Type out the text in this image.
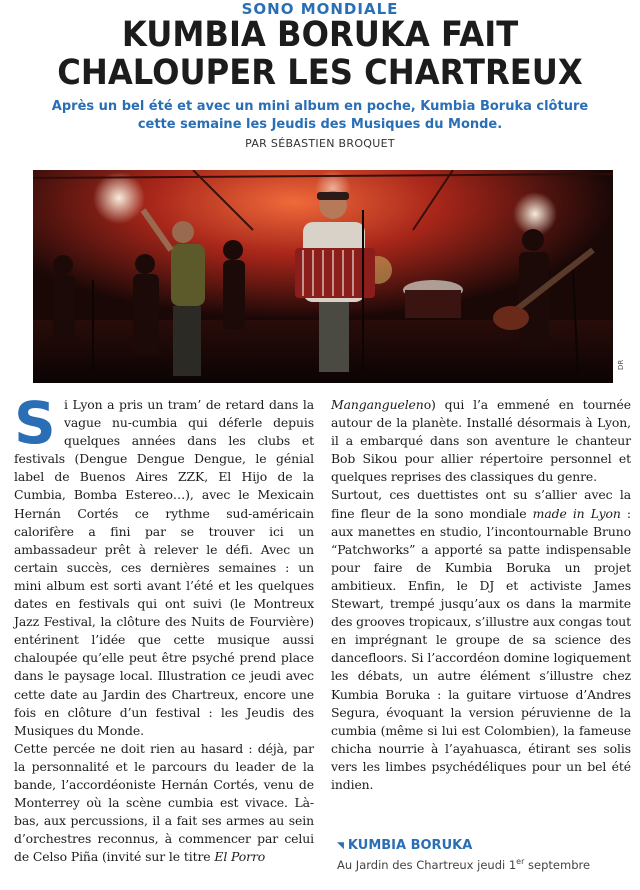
SONO MONDIALE
KUMBIA BORUKA FAIT
CHALOUPER LES CHARTREUX
Après un bel été et avec un mini album en poche, Kumbia Boruka clôture cette semaine les Jeudis des Musiques du Monde.
PAR SÉBASTIEN BROQUET
DR

Si Lyon a pris un tram’ de retard dans la vague nu-cumbia qui déferle depuis quelques années dans les clubs et festivals (Dengue Dengue Dengue, le génial label de Buenos Aires ZZK, El Hijo de la Cumbia, Bomba Estereo…), avec le Mexicain Hernán Cortés ce rythme sud-américain calorifère a fini par se trouver ici un ambassadeur prêt à relever le défi. Avec un certain succès, ces dernières semaines : un mini album est sorti avant l’été et les quelques dates en festivals qui ont suivi (le Montreux Jazz Festival, la clôture des Nuits de Fourvière) entérinent l’idée que cette musique aussi chaloupée qu’elle peut être psyché prend place dans le paysage local. Illustration ce jeudi avec cette date au Jardin des Chartreux, encore une fois en clôture d’un festival : les Jeudis des Musiques du Monde.

Cette percée ne doit rien au hasard : déjà, par la personnalité et le parcours du leader de la bande, l’accordéoniste Hernán Cortés, venu de Monterrey où la scène cumbia est vivace. Là-bas, aux percussions, il a fait ses armes au sein d’orchestres reconnus, à commencer par celui de Celso Piña (invité sur le titre El Porro

Mangangueleno) qui l’a emmené en tournée autour de la planète. Installé désormais à Lyon, il a embarqué dans son aventure le chanteur Bob Sikou pour allier répertoire personnel et quelques reprises des classiques du genre.

Surtout, ces duettistes ont su s’allier avec la fine fleur de la sono mondiale made in Lyon : aux manettes en studio, l’incontournable Bruno “Patchworks” a apporté sa patte indispensable pour faire de Kumbia Boruka un projet ambitieux. Enfin, le DJ et activiste James Stewart, trempé jusqu’aux os dans la marmite des grooves tropicaux, s’illustre aux congas tout en imprégnant le groupe de sa science des dancefloors. Si l’accordéon domine logiquement les débats, un autre élément s’illustre chez Kumbia Boruka : la guitare virtuose d’Andres Segura, évoquant la version péruvienne de la cumbia (même si lui est Colombien), la fameuse chicha nourrie à l’ayahuasca, étirant ses solis vers les limbes psychédéliques pour un bel été indien.

◥ KUMBIA BORUKA
Au Jardin des Chartreux jeudi 1er septembre
